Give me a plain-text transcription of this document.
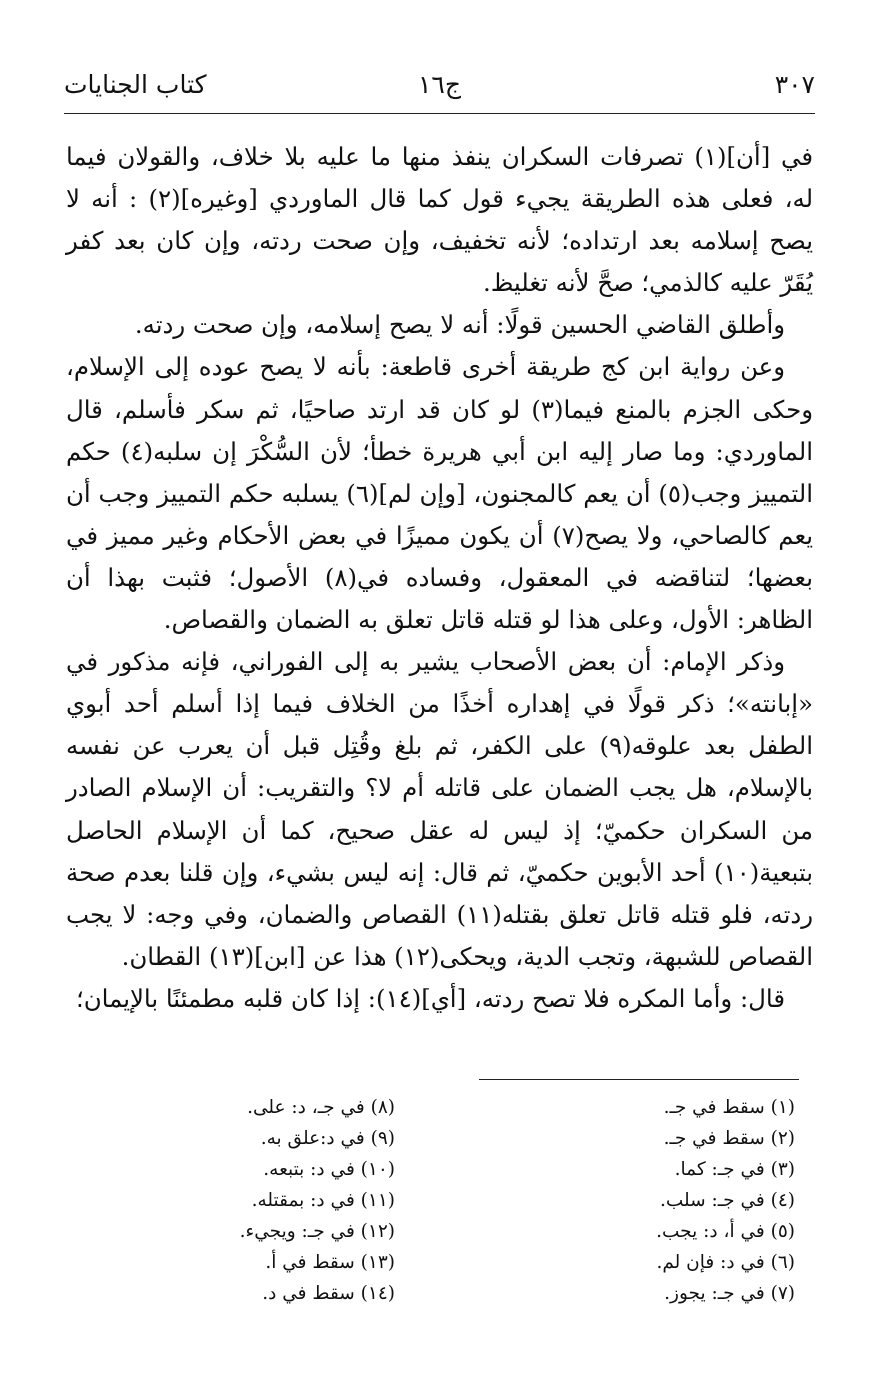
٣٠٧
ج١٦
كتاب الجنايات

في [أن](١) تصرفات السكران ينفذ منها ما عليه بلا خلاف، والقولان فيما له، فعلى هذه الطريقة يجيء قول كما قال الماوردي [وغيره](٢) : أنه لا يصح إسلامه بعد ارتداده؛ لأنه تخفيف، وإن صحت ردته، وإن كان بعد كفر يُقَرّ عليه كالذمي؛ صحَّ لأنه تغليظ.

وأطلق القاضي الحسين قولًا: أنه لا يصح إسلامه، وإن صحت ردته.

وعن رواية ابن كج طريقة أخرى قاطعة: بأنه لا يصح عوده إلى الإسلام، وحكى الجزم بالمنع فيما(٣) لو كان قد ارتد صاحيًا، ثم سكر فأسلم، قال الماوردي: وما صار إليه ابن أبي هريرة خطأ؛ لأن السُّكْرَ إن سلبه(٤) حكم التمييز وجب(٥) أن يعم كالمجنون، [وإن لم](٦) يسلبه حكم التمييز وجب أن يعم كالصاحي، ولا يصح(٧) أن يكون مميزًا في بعض الأحكام وغير مميز في بعضها؛ لتناقضه في المعقول، وفساده في(٨) الأصول؛ فثبت بهذا أن الظاهر: الأول، وعلى هذا لو قتله قاتل تعلق به الضمان والقصاص.

وذكر الإمام: أن بعض الأصحاب يشير به إلى الفوراني، فإنه مذكور في «إبانته»؛ ذكر قولًا في إهداره أخذًا من الخلاف فيما إذا أسلم أحد أبوي الطفل بعد علوقه(٩) على الكفر، ثم بلغ وقُتِل قبل أن يعرب عن نفسه بالإسلام، هل يجب الضمان على قاتله أم لا؟ والتقريب: أن الإسلام الصادر من السكران حكميّ؛ إذ ليس له عقل صحيح، كما أن الإسلام الحاصل بتبعية(١٠) أحد الأبوين حكميّ، ثم قال: إنه ليس بشيء، وإن قلنا بعدم صحة ردته، فلو قتله قاتل تعلق بقتله(١١) القصاص والضمان، وفي وجه: لا يجب القصاص للشبهة، وتجب الدية، ويحكى(١٢) هذا عن [ابن](١٣) القطان.

قال: وأما المكره فلا تصح ردته، [أي](١٤): إذا كان قلبه مطمئنًا بالإيمان؛

(١) سقط في جـ.
(٢) سقط في جـ.
(٣) في جـ: كما.
(٤) في جـ: سلب.
(٥) في أ، د: يجب.
(٦) في د: فإن لم.
(٧) في جـ: يجوز.
(٨) في جـ، د: على.
(٩) في د:علق به.
(١٠) في د: بتبعه.
(١١) في د: بمقتله.
(١٢) في جـ: ويجيء.
(١٣) سقط في أ.
(١٤) سقط في د.
